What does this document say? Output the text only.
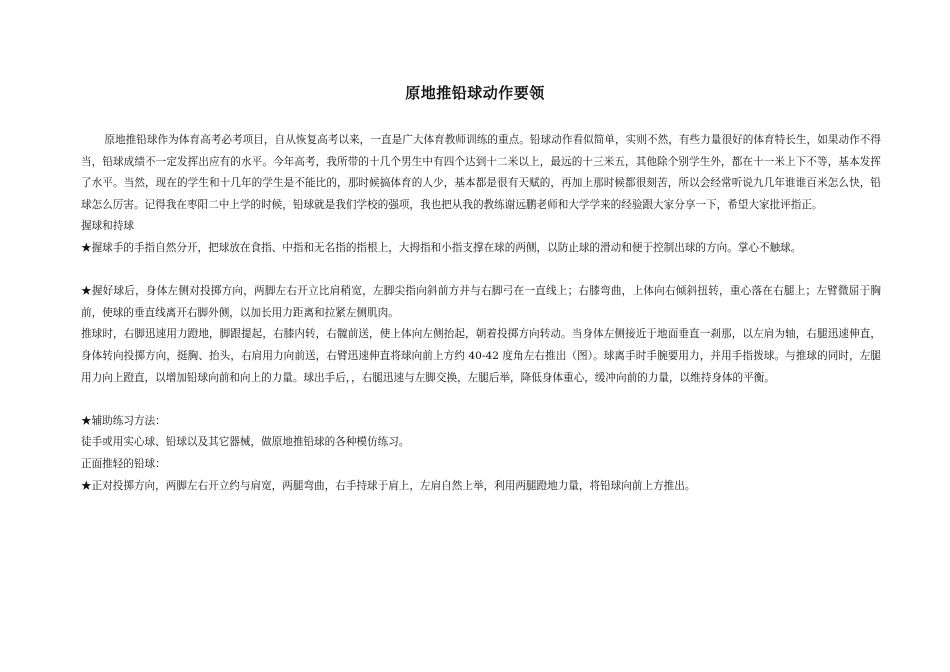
原地推铅球动作要领

原地推铅球作为体育高考必考项目，自从恢复高考以来，一直是广大体育教师训练的重点。铅球动作看似简单，实则不然，有些力量很好的体育特长生，如果动作不得当，铅球成绩不一定发挥出应有的水平。今年高考，我所带的十几个男生中有四个达到十二米以上，最远的十三米五，其他除个别学生外，都在十一米上下不等，基本发挥了水平。当然，现在的学生和十几年的学生是不能比的，那时候搞体育的人少，基本都是很有天赋的，再加上那时候都很刻苦，所以会经常听说九几年谁谁百米怎么快，铅球怎么厉害。记得我在枣阳二中上学的时候，铅球就是我们学校的强项，我也把从我的教练谢远鹏老师和大学学来的经验跟大家分享一下，希望大家批评指正。

握球和持球

★握球手的手指自然分开，把球放在食指、中指和无名指的指根上，大拇指和小指支撑在球的两侧，以防止球的滑动和便于控制出球的方向。掌心不触球。

★握好球后，身体左侧对投掷方向，两脚左右开立比肩稍宽，左脚尖指向斜前方并与右脚弓在一直线上；右膝弯曲，上体向右倾斜扭转，重心落在右腿上；左臂微屈于胸前，使球的垂直线离开右脚外侧，以加长用力距离和拉紧左侧肌肉。

推球时，右脚迅速用力蹬地，脚跟提起，右膝内转，右髋前送，使上体向左侧抬起，朝着投掷方向转动。当身体左侧接近于地面垂直一刹那，以左肩为轴，右腿迅速伸直，身体转向投掷方向，挺胸、抬头，右肩用力向前送，右臂迅速伸直将球向前上方约 40-42 度角左右推出（图）。球离手时手腕要用力，并用手指拨球。与推球的同时，左腿用力向上蹬直，以增加铅球向前和向上的力量。球出手后，，右腿迅速与左脚交换，左腿后举，降低身体重心，缓冲向前的力量，以维持身体的平衡。

★辅助练习方法：

徒手或用实心球、铅球以及其它器械，做原地推铅球的各种模仿练习。

正面推轻的铅球：

★正对投掷方向，两脚左右开立约与肩宽，两腿弯曲，右手持球于肩上，左肩自然上举，利用两腿蹬地力量，将铅球向前上方推出。
